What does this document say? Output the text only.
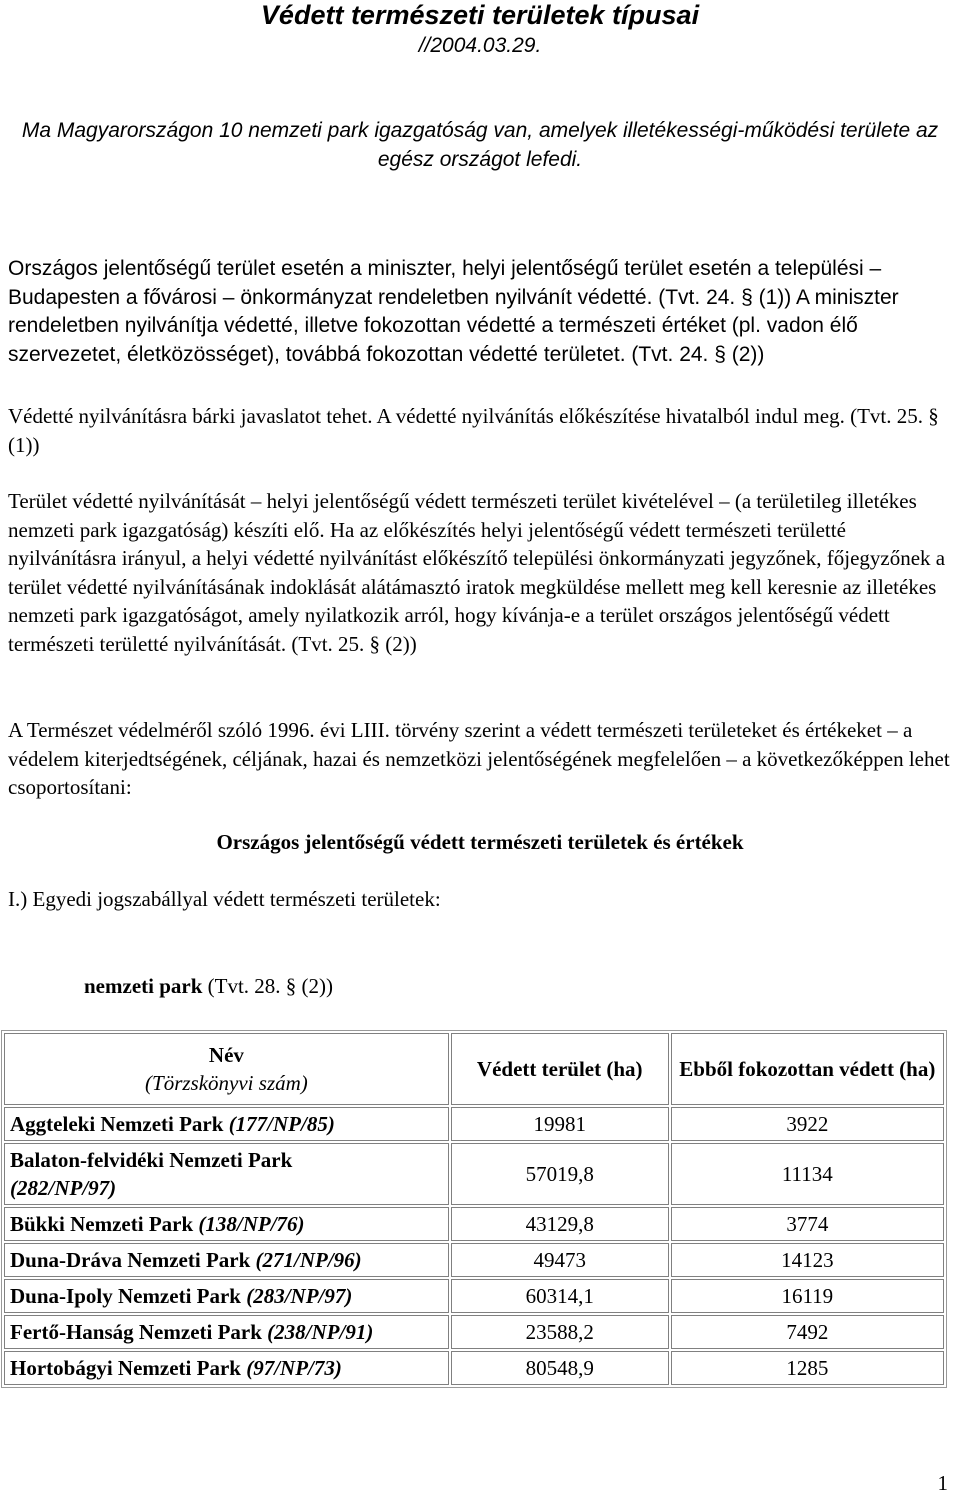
Védett természeti területek típusai
//2004.03.29.
Ma Magyarországon 10 nemzeti park igazgatóság van, amelyek illetékességi-működési területe az egész országot lefedi.

Országos jelentőségű terület esetén a miniszter, helyi jelentőségű terület esetén a települési – Budapesten a fővárosi – önkormányzat rendeletben nyilvánít védetté. (Tvt. 24. § (1)) A miniszter rendeletben nyilvánítja védetté, illetve fokozottan védetté a természeti értéket (pl. vadon élő szervezetet, életközösséget), továbbá fokozottan védetté területet. (Tvt. 24. § (2))

Védetté nyilvánításra bárki javaslatot tehet. A védetté nyilvánítás előkészítése hivatalból indul meg. (Tvt. 25. § (1))

Terület védetté nyilvánítását – helyi jelentőségű védett természeti terület kivételével – (a területileg illetékes nemzeti park igazgatóság) készíti elő. Ha az előkészítés helyi jelentőségű védett természeti területté nyilvánításra irányul, a helyi védetté nyilvánítást előkészítő települési önkormányzati jegyzőnek, főjegyzőnek a terület védetté nyilvánításának indoklását alátámasztó iratok megküldése mellett meg kell keresnie az illetékes nemzeti park igazgatóságot, amely nyilatkozik arról, hogy kívánja-e a terület országos jelentőségű védett természeti területté nyilvánítását. (Tvt. 25. § (2))

A Természet védelméről szóló 1996. évi LIII. törvény szerint a védett természeti területeket és értékeket – a védelem kiterjedtségének, céljának, hazai és nemzetközi jelentőségének megfelelően – a következőképpen lehet csoportosítani:

Országos jelentőségű védett természeti területek és értékek
I.) Egyedi jogszabállyal védett természeti területek:
nemzeti park (Tvt. 28. § (2))
Név
(Törzskönyvi szám)	Védett terület (ha)	Ebből fokozottan védett (ha)
Aggteleki Nemzeti Park (177/NP/85)	19981	3922
Balaton-felvidéki Nemzeti Park
(282/NP/97)	57019,8	11134
Bükki Nemzeti Park (138/NP/76)	43129,8	3774
Duna-Dráva Nemzeti Park (271/NP/96)	49473	14123
Duna-Ipoly Nemzeti Park (283/NP/97)	60314,1	16119
Fertő-Hanság Nemzeti Park (238/NP/91)	23588,2	7492
Hortobágyi Nemzeti Park (97/NP/73)	80548,9	1285
1
